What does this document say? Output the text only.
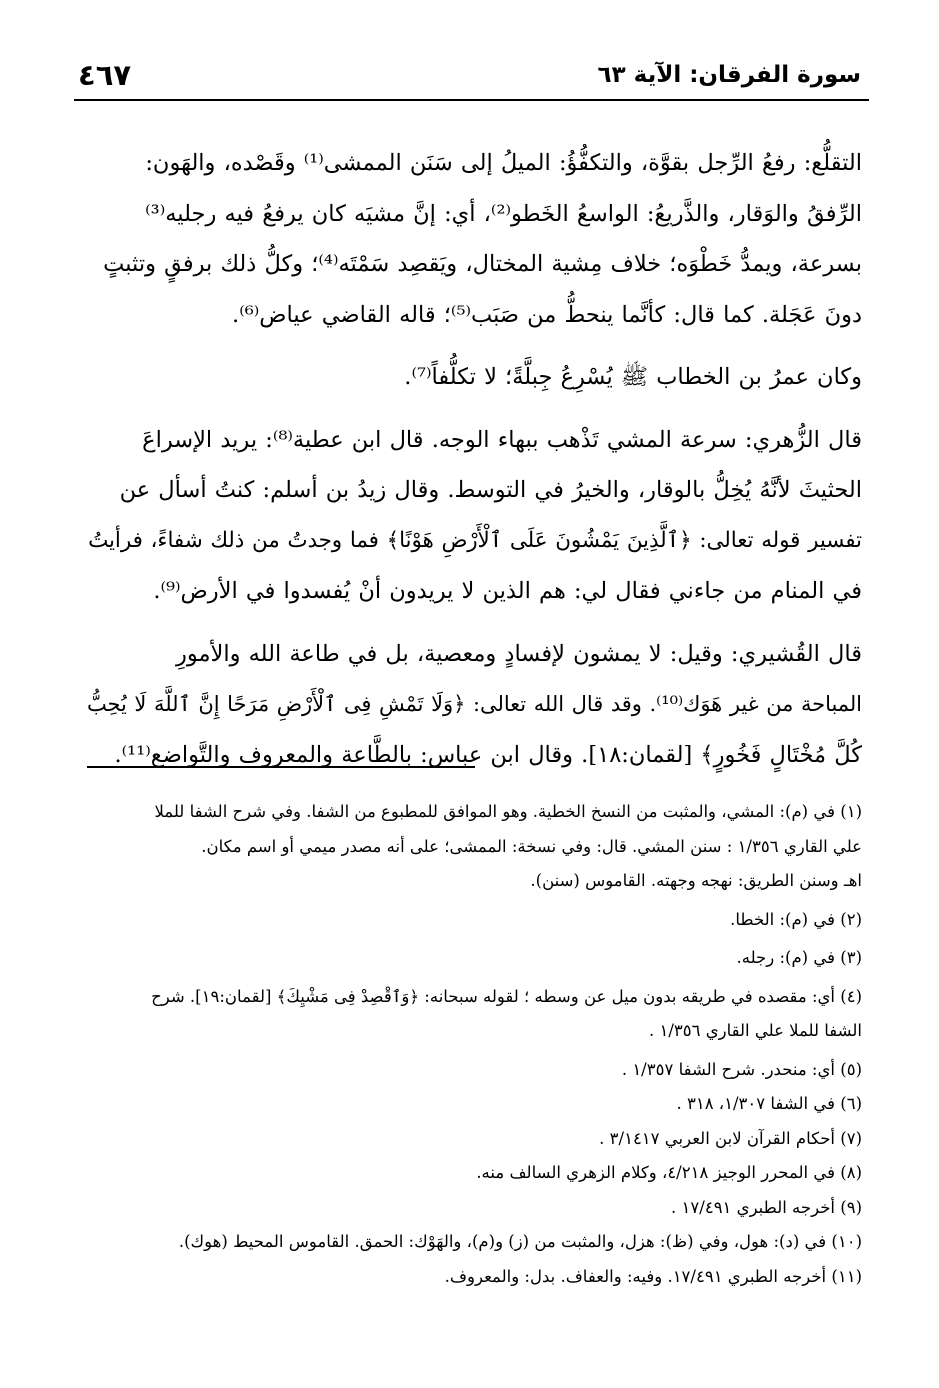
سورة الفرقان: الآية ٦٣
٤٦٧

التقلُّع: رفعُ الرِّجل بقوَّة، والتكفُّؤُ: الميلُ إلى سَنَن الممشى⁽¹⁾ وقَصْده، والهَون:
الرِّفقُ والوَقار، والذَّريعُ: الواسعُ الخَطو⁽²⁾، أي: إنَّ مشيَه كان يرفعُ فيه رجليه⁽³⁾
بسرعة، ويمدُّ خَطْوَه؛ خلاف مِشية المختال، ويَقصِد سَمْتَه⁽⁴⁾؛ وكلُّ ذلك برفقٍ وتثبتٍ
دونَ عَجَلة. كما قال: كأنَّما ينحطُّ من صَبَب⁽⁵⁾؛ قاله القاضي عياض⁽⁶⁾.

وكان عمرُ بن الخطاب ﷺ يُسْرِعُ جِبلَّةً؛ لا تكلُّفاً⁽⁷⁾.

قال الزُّهري: سرعة المشي تَذْهب ببهاء الوجه. قال ابن عطية⁽⁸⁾: يريد الإسراعَ
الحثيثَ لأنَّهُ يُخِلُّ بالوقار، والخيرُ في التوسط. وقال زيدُ بن أسلم: كنتُ أسأل عن
تفسير قوله تعالى: ﴿ٱلَّذِينَ يَمْشُونَ عَلَى ٱلْأَرْضِ هَوْنًا﴾ فما وجدتُ من ذلك شفاءً، فرأيتُ
في المنام من جاءني فقال لي: هم الذين لا يريدون أنْ يُفسدوا في الأرض⁽⁹⁾.

قال القُشيري: وقيل: لا يمشون لإفسادٍ ومعصية، بل في طاعة الله والأمورِ
المباحة من غير هَوَك⁽¹⁰⁾. وقد قال الله تعالى: ﴿وَلَا تَمْشِ فِى ٱلْأَرْضِ مَرَحًا إِنَّ ٱللَّهَ لَا يُحِبُّ
كُلَّ مُخْتَالٍ فَخُورٍ﴾ [لقمان:١٨]. وقال ابن عباس: بالطَّاعة والمعروف والتَّواضع⁽¹¹⁾.

(١) في (م): المشي، والمثبت من النسخ الخطية. وهو الموافق للمطبوع من الشفا. وفي شرح الشفا للملا
علي القاري ١/٣٥٦ : سنن المشي. قال: وفي نسخة: الممشى؛ على أنه مصدر ميمي أو اسم مكان.
اهـ وسنن الطريق: نهجه وجهته. القاموس (سنن).

(٢) في (م): الخطا.

(٣) في (م): رجله.

(٤) أي: مقصده في طريقه بدون ميل عن وسطه ؛ لقوله سبحانه: ﴿وَٱقْصِدْ فِى مَشْيِكَ﴾ [لقمان:١٩]. شرح
الشفا للملا علي القاري ١/٣٥٦ .

(٥) أي: منحدر. شرح الشفا ١/٣٥٧ .

(٦) في الشفا ١/٣٠٧، ٣١٨ .

(٧) أحكام القرآن لابن العربي ٣/١٤١٧ .

(٨) في المحرر الوجيز ٤/٢١٨، وكلام الزهري السالف منه.

(٩) أخرجه الطبري ١٧/٤٩١ .

(١٠) في (د): هول، وفي (ظ): هزل، والمثبت من (ز) و(م)، والهَوْك: الحمق. القاموس المحيط (هوك).

(١١) أخرجه الطبري ١٧/٤٩١. وفيه: والعفاف. بدل: والمعروف.
